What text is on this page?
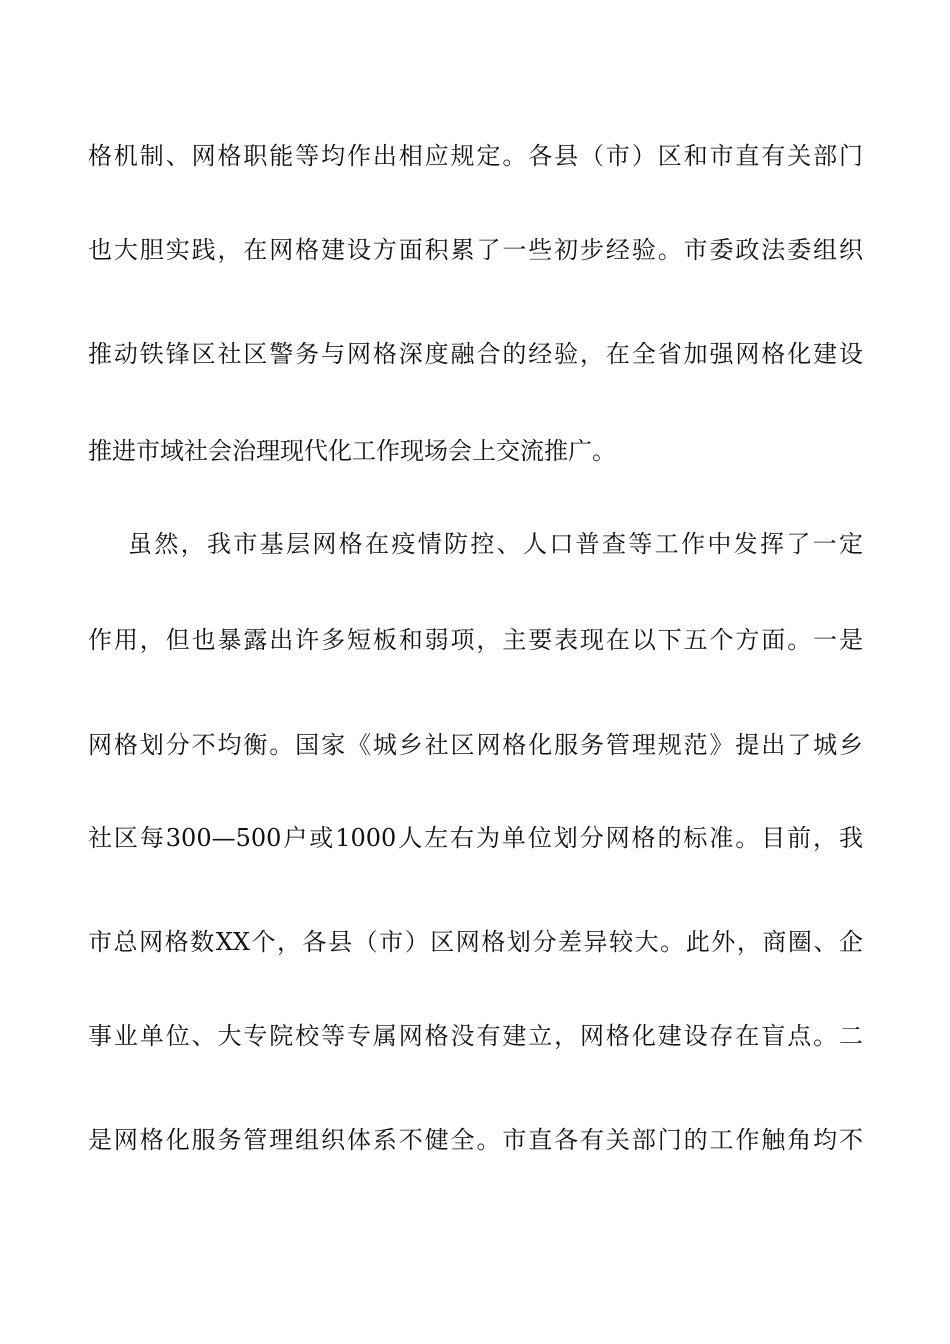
格机制、网格职能等均作出相应规定。各县（市）区和市直有关部门
也大胆实践，在网格建设方面积累了一些初步经验。市委政法委组织
推动铁锋区社区警务与网格深度融合的经验，在全省加强网格化建设
推进市域社会治理现代化工作现场会上交流推广。
虽然，我市基层网格在疫情防控、人口普查等工作中发挥了一定
作用，但也暴露出许多短板和弱项，主要表现在以下五个方面。一是
网格划分不均衡。国家《城乡社区网格化服务管理规范》提出了城乡
社区每300—500户或1000人左右为单位划分网格的标准。目前，我
市总网格数XX个，各县（市）区网格划分差异较大。此外，商圈、企
事业单位、大专院校等专属网格没有建立，网格化建设存在盲点。二
是网格化服务管理组织体系不健全。市直各有关部门的工作触角均不
